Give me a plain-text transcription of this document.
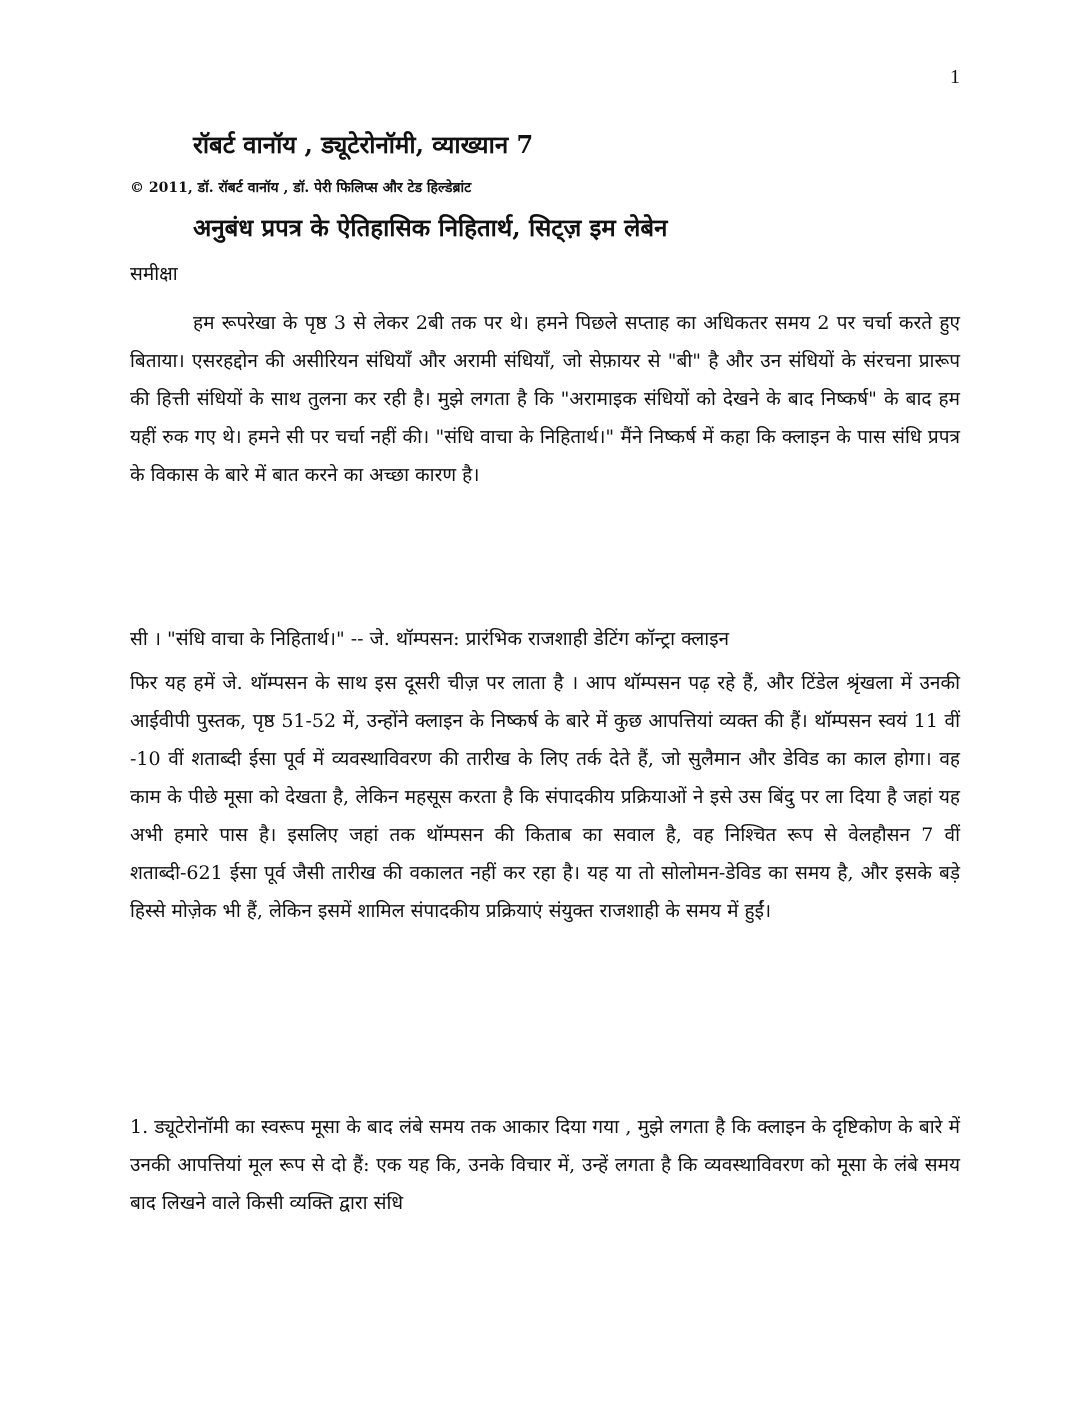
1
रॉबर्ट वानॉय , ड्यूटेरोनॉमी, व्याख्यान 7
© 2011, डॉ. रॉबर्ट वानॉय , डॉ. पेरी फिलिप्स और टेड हिल्डेब्रांट
अनुबंध प्रपत्र के ऐतिहासिक निहितार्थ, सिट्ज़ इम लेबेन
समीक्षा

हम रूपरेखा के पृष्ठ 3 से लेकर 2बी तक पर थे। हमने पिछले सप्ताह का अधिकतर समय 2 पर चर्चा करते हुए बिताया। एसरहद्दोन की असीरियन संधियाँ और अरामी संधियाँ, जो सेफ़ायर से "बी" है और उन संधियों के संरचना प्रारूप की हित्ती संधियों के साथ तुलना कर रही है। मुझे लगता है कि "अरामाइक संधियों को देखने के बाद निष्कर्ष" के बाद हम यहीं रुक गए थे। हमने सी पर चर्चा नहीं की। "संधि वाचा के निहितार्थ।" मैंने निष्कर्ष में कहा कि क्लाइन के पास संधि प्रपत्र के विकास के बारे में बात करने का अच्छा कारण है।

सी । "संधि वाचा के निहितार्थ।" -- जे. थॉम्पसन: प्रारंभिक राजशाही डेटिंग कॉन्ट्रा क्लाइन

फिर यह हमें जे. थॉम्पसन के साथ इस दूसरी चीज़ पर लाता है । आप थॉम्पसन पढ़ रहे हैं, और टिंडेल श्रृंखला में उनकी आईवीपी पुस्तक, पृष्ठ 51-52 में, उन्होंने क्लाइन के निष्कर्ष के बारे में कुछ आपत्तियां व्यक्त की हैं। थॉम्पसन स्वयं 11 वीं -10 वीं शताब्दी ईसा पूर्व में व्यवस्थाविवरण की तारीख के लिए तर्क देते हैं, जो सुलैमान और डेविड का काल होगा। वह काम के पीछे मूसा को देखता है, लेकिन महसूस करता है कि संपादकीय प्रक्रियाओं ने इसे उस बिंदु पर ला दिया है जहां यह अभी हमारे पास है। इसलिए जहां तक थॉम्पसन की किताब का सवाल है, वह निश्चित रूप से वेलहौसन 7 वीं शताब्दी-621 ईसा पूर्व जैसी तारीख की वकालत नहीं कर रहा है। यह या तो सोलोमन-डेविड का समय है, और इसके बड़े हिस्से मोज़ेक भी हैं, लेकिन इसमें शामिल संपादकीय प्रक्रियाएं संयुक्त राजशाही के समय में हुईं।

1. ड्यूटेरोनॉमी का स्वरूप मूसा के बाद लंबे समय तक आकार दिया गया , मुझे लगता है कि क्लाइन के दृष्टिकोण के बारे में उनकी आपत्तियां मूल रूप से दो हैं: एक यह कि, उनके विचार में, उन्हें लगता है कि व्यवस्थाविवरण को मूसा के लंबे समय बाद लिखने वाले किसी व्यक्ति द्वारा संधि
